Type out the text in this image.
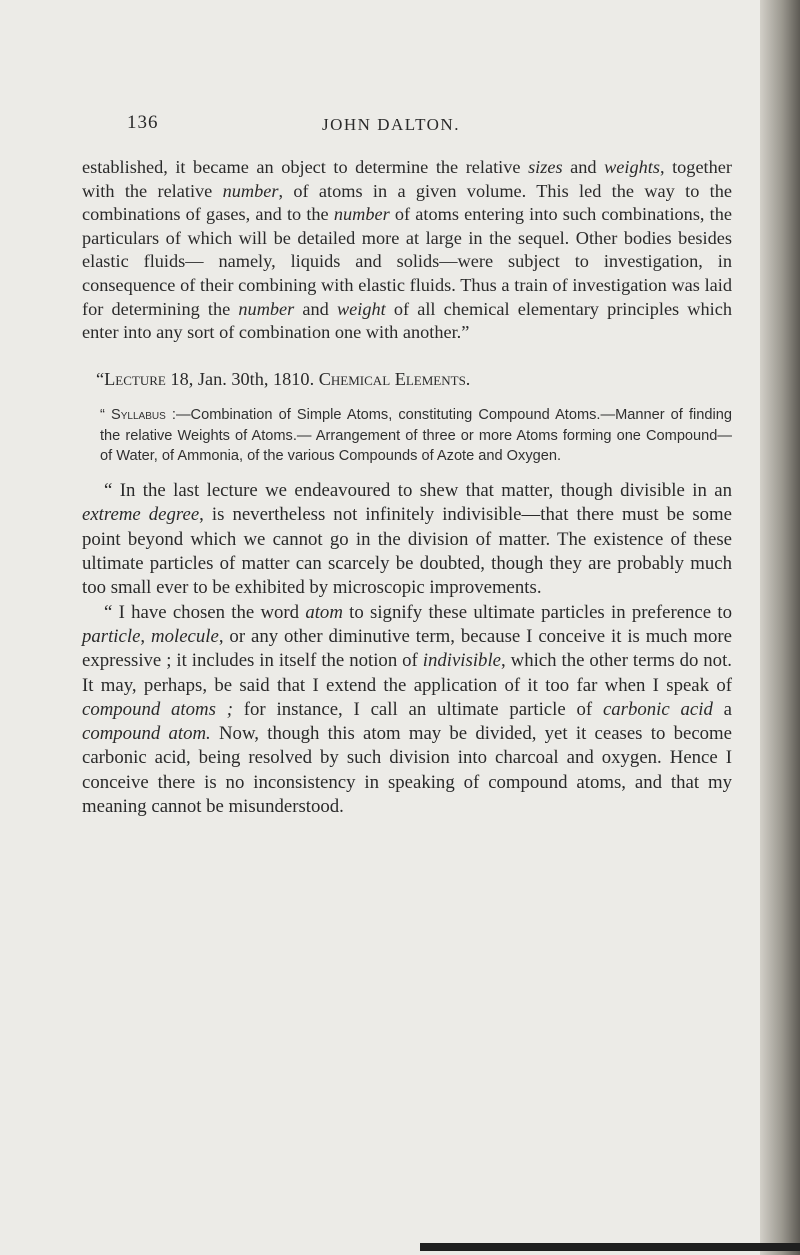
136	JOHN DALTON.

established, it became an object to determine the relative sizes and weights, together with the relative number, of atoms in a given volume. This led the way to the combinations of gases, and to the number of atoms entering into such combinations, the particulars of which will be detailed more at large in the sequel. Other bodies besides elastic fluids— namely, liquids and solids—were subject to investigation, in consequence of their combining with elastic fluids. Thus a train of investigation was laid for determining the number and weight of all chemical elementary principles which enter into any sort of combination one with another.”

“Lecture 18, Jan. 30th, 1810. Chemical Elements.

“ Syllabus :—Combination of Simple Atoms, constituting Compound Atoms.—Manner of finding the relative Weights of Atoms.— Arrangement of three or more Atoms forming one Compound— of Water, of Ammonia, of the various Compounds of Azote and Oxygen.

“ In the last lecture we endeavoured to shew that matter, though divisible in an extreme degree, is nevertheless not infinitely indivisible—that there must be some point beyond which we cannot go in the division of matter. The existence of these ultimate particles of matter can scarcely be doubted, though they are probably much too small ever to be exhibited by microscopic improvements.

“ I have chosen the word atom to signify these ultimate particles in preference to particle, molecule, or any other diminutive term, because I conceive it is much more expressive ; it includes in itself the notion of indivisible, which the other terms do not. It may, perhaps, be said that I extend the application of it too far when I speak of compound atoms ; for instance, I call an ultimate particle of carbonic acid a compound atom. Now, though this atom may be divided, yet it ceases to become carbonic acid, being resolved by such division into charcoal and oxygen. Hence I conceive there is no inconsistency in speaking of compound atoms, and that my meaning cannot be misunderstood.
